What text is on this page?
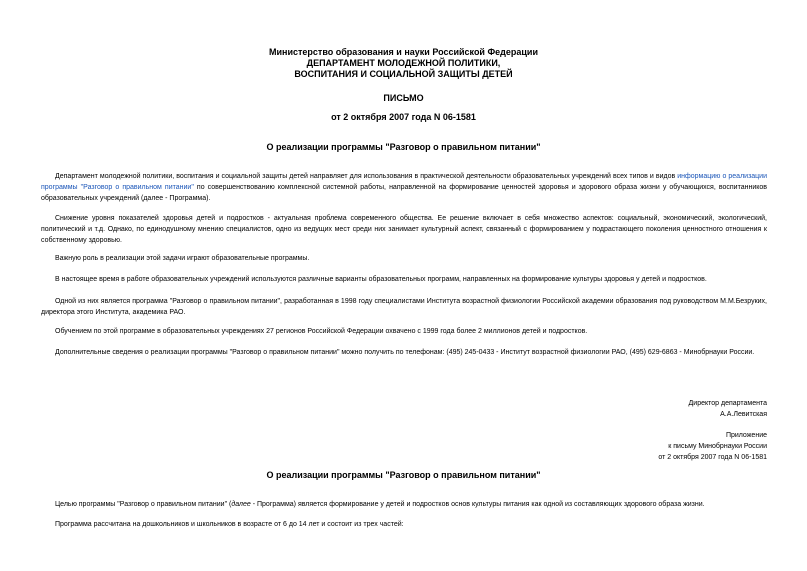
Министерство образования и науки Российской Федерации
ДЕПАРТАМЕНТ МОЛОДЕЖНОЙ ПОЛИТИКИ,
ВОСПИТАНИЯ И СОЦИАЛЬНОЙ ЗАЩИТЫ ДЕТЕЙ
ПИСЬМО
от 2 октября 2007 года N 06-1581
О реализации программы "Разговор о правильном питании"

Департамент молодежной политики, воспитания и социальной защиты детей направляет для использования в практической деятельности образовательных учреждений всех типов и видов информацию о реализации программы "Разговор о правильном питании" по совершенствованию комплексной системной работы, направленной на формирование ценностей здоровья и здорового образа жизни у обучающихся, воспитанников образовательных учреждений (далее - Программа).

Снижение уровня показателей здоровья детей и подростков - актуальная проблема современного общества. Ее решение включает в себя множество аспектов: социальный, экономический, экологический, политический и т.д. Однако, по единодушному мнению специалистов, одно из ведущих мест среди них занимает культурный аспект, связанный с формированием у подрастающего поколения ценностного отношения к собственному здоровью.

Важную роль в реализации этой задачи играют образовательные программы.

В настоящее время в работе образовательных учреждений используются различные варианты образовательных программ, направленных на формирование культуры здоровья у детей и подростков.

Одной из них является программа "Разговор о правильном питании", разработанная в 1998 году специалистами Института возрастной физиологии Российской академии образования под руководством М.М.Безруких, директора этого Института, академика РАО.

Обучением по этой программе в образовательных учреждениях 27 регионов Российской Федерации охвачено с 1999 года более 2 миллионов детей и подростков.

Дополнительные сведения о реализации программы "Разговор о правильном питании" можно получить по телефонам: (495) 245-0433 - Институт возрастной физиологии РАО, (495) 629-6863 - Минобрнауки России.

Директор департамента
А.А.Левитская
Приложение
к письму Минобрнауки России
от 2 октября 2007 года N 06-1581
О реализации программы "Разговор о правильном питании"

Целью программы "Разговор о правильном питании" (далее - Программа) является формирование у детей и подростков основ культуры питания как одной из составляющих здорового образа жизни.

Программа рассчитана на дошкольников и школьников в возрасте от 6 до 14 лет и состоит из трех частей:
